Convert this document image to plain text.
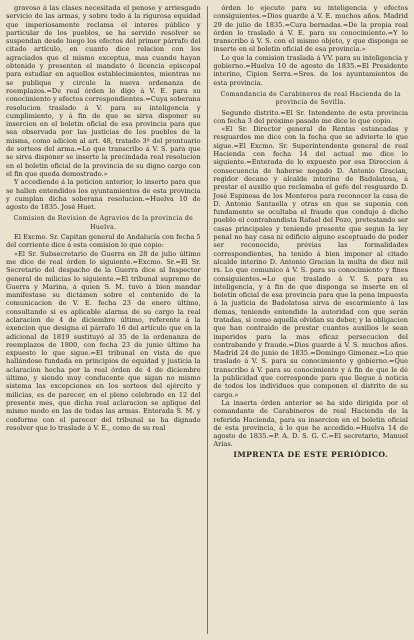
gravoso á las clases necesitada el penoso y arriesgado servicio de las armas, y sobre todo á la rigurosa equidad que imperiosamente reclama el interes público y particular de los pueblos, se ha servido resolver se suspendan desde luego los efectos del primer párrafo del citado artículo, en cuanto dice relacion con los agraciados que el mismo exceptua, mas cuando hayan obtenido y presenten el mandato ó licencia episcopal para estudiar en aquellos establecimientos, mientras no se publique y circule la nueva ordenanza de reemplazos.=De real órden lo digo á V. E. para su conocimiento y efectos correspondientes.=Cuya soberana resolucion traslado á V. para su inteligencia y cumplimiento, y á fin de que se sirva disponer su insercion en el boletin oficial de esa provincia para que sea observada por las justicias de los pueblos de la misma, como adicion al art. 48, tratado 3º del prontuario de sorteos del arma.=Lo que transcribo á V. S. para que se sirva disponer se inserte la precindada real resolucion en el boletin oficial de la provincia de su digno cargo con el fin que queda demostrado.»

Y accediendo á la peticion anterior, lo inserto para que se hallen entendidos los ayuntamientos de esta provincia y cumplan dicha soberana resolucion.=Huelva 10 de agosto de 1835. José Huet.

Comision de Revision de Agravios de la provincia de Huelva.

El Excmo. Sr. Capitan general de Andalucía con fecha 5 del corriente dice á esta comision lo que copio:

«El Sr. Subsecretario de Guerra en 28 de julio último me dice de real órden lo siguiente.=Excmo. Sr.=El Sr. Secretario del despacho de la Guerra dice al Inspector general de milicias lo siguiente.=El tribunal supremo de Guerra y Marina, á quien S. M. tuvo á bien mandar manifestase su dictámen sobre el contenido de la comunicacion de V. E. fecha 23 de enero último, consultando si es aplicable alarma de su cargo la real aclaracion de 4 de diciembre último, referente á la exencion que designa el párrafo 16 del artículo que en la adicional de 1819 sustituyó al 35 de la ordenanza de reemplazos de 1800, con fecha 23 de junio último ha expuesto lo que sigue.=El tribunal en vista de que hallándose fundada en principios de equidad y justicia la aclaracion hecha por la real órden de 4 de diciembre último, y siendo muy conducente que sigan no mismo sistema las excepciones en los sorteos del ejército y milicias, es de parecer, en el pleno celebrado en 12 del presente mes, que dicha real aclaracion se aplique del mismo modo en las de todas las armas. Enterada S. M. y conforme con el parecer del tribunal se ha dignado resolver que lo traslade á V. E., como de su real

órden lo ejecuto para su inteligencia y efectos consiguientes.=Dios guarde á V. E. muchos años. Madrid 29 de julio de 1835.=Cura bernadas.=De la propia real órden lo traslado á V. E. para su conocimiento.=Y lo transcribo á V. S. con el mismo objeto, y que disponga se inserte en el boletin oficial de esa provincia.»

Lo que la comision traslada á VV. para su inteligencia y gobierno.=Huelva 10 de agosto de 1835.=El Presidente interino, Cipion Serra.=Sres. de los ayuntamientos de esta provincia.

Comandancia de Carabineros de real Hacienda de la provincia de Sevilla.

Segundo distrito.=El Sr. Intendente de esta provincia con fecha 3 del próximo pasado me dice lo que copio.

«El Sr. Director general de Rentas estancadas y resguardos me dice con la fecha que se advierte lo que sigue.=El Excmo. Sr. Superintendente general de real Hacienda con fecha 14 del actual me dice lo siguiente.=Enterada de lo expuesto por esa Direccion á consecuencia de haberse negado D. Antonio Gracian, regidor decano y alcalde interino de Badolatosa, á prestar el auxilio que reclamaba el gefe del resguardo D. José Espinosa de los Monteros para reconocer la casa de D. Antonio Santaella y otras en que se suponia con fundamento se ocultaba el fraude que condujo á dicho pueblo el contrabandista Rafael del Pozo, pretestando ser casas principales y teniendo presente que segun la ley penal no hay casa ni edificio alguno esceptuado de poder ser reconocido, prévias las formalidades correspondientes, ha tenido á bien imponer al citado alcalde interino D. Antonio Gracian la multa de diez mil rs. Lo que comunico á V. S. para su conocimiento y fines consiguientes.=Lo que traslado á V. S. para su inteligencia, y á fin de que disponga se inserte en el boletin oficial de esa provincia para que la pena impuesta á la justicia de Badolatosa sirva de escarmiento á las demas, teniendo entendido la autoridad con que serán tratadas, si como aquella olvidan su deber, y la obligacion que han contraido de prestar cuantos auxilios le sean imperidos para la mas eficaz persecucion del contrabando y fraude.=Dios guarde á V. S. muchos años. Madrid 24 de junio de 1835.=Domingo Gimenez.=Lo que traslado á V. S. para su conocimiento y gobierno.=Que transcribo á V. para su conocimiento y á fin de que le dé la publicidad que corresponde para que llegue á noticia de todos los individuos que componen el distrito de su cargo.»

La inserta órden anterior se ha sido dirigida por el comandante de Carabineros de real Hacienda de la referida Hacienda, para su insercion en el boletin oficial de esta provincia, á lo que he accedido.=Huelva 14 de agosto de 1835.=P. A. D. S. G. C.=El secretario, Manuel Arias.

IMPRENTA DE ESTE PERIÓDICO.
